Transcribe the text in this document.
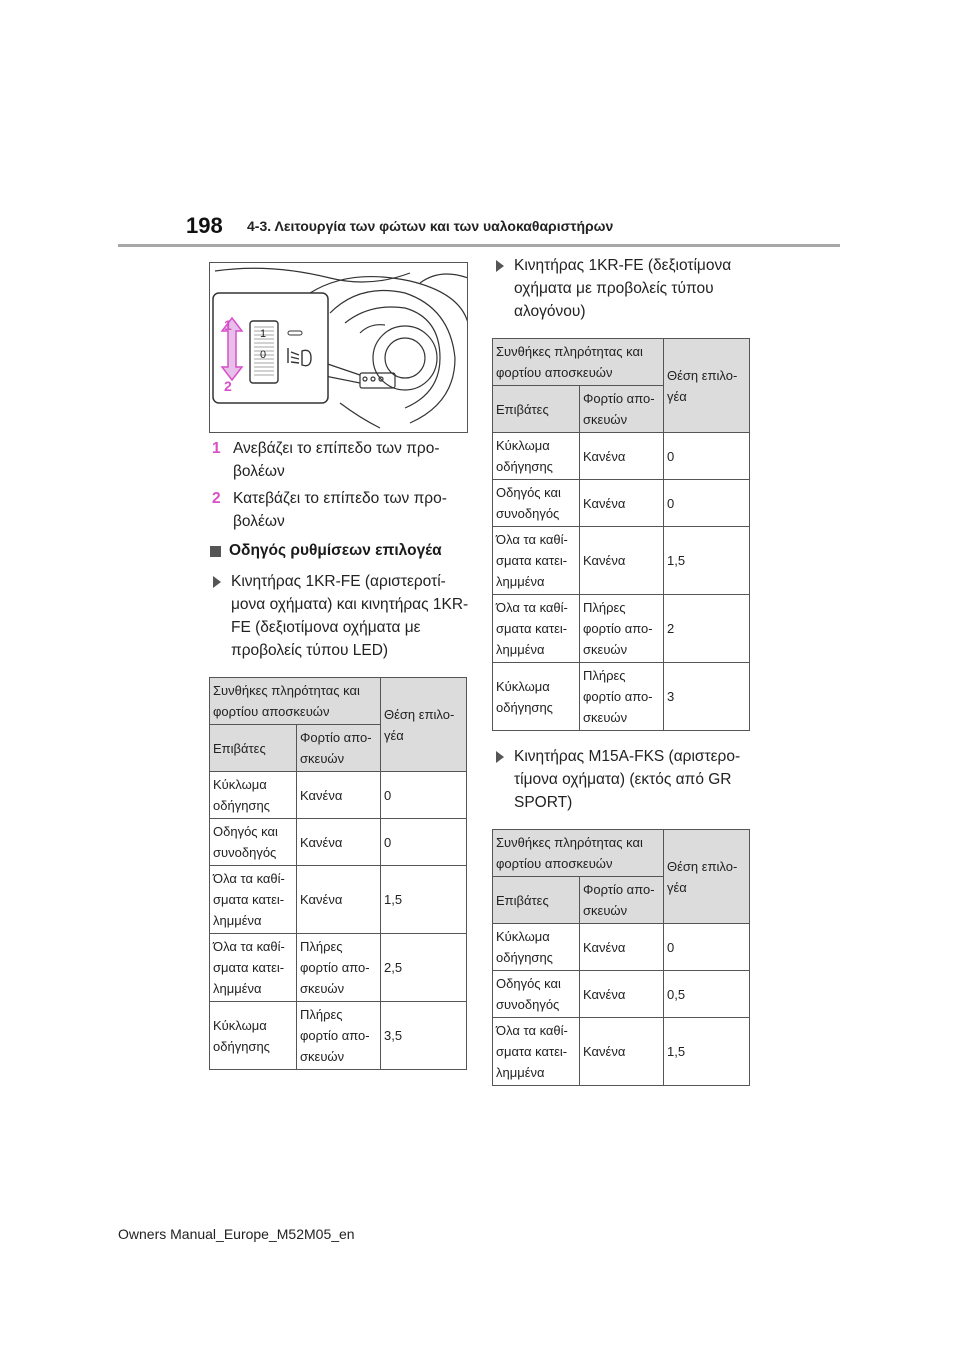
198 4-3. Λειτουργία των φώτων και των υαλοκαθαριστήρων
1
0
1
2
1 Ανεβάζει το επίπεδο των προ-βολέων
2 Κατεβάζει το επίπεδο των προ-βολέων
Οδηγός ρυθμίσεων επιλογέα
Κινητήρας 1KR-FE (αριστεροτί-μονα οχήματα) και κινητήρας 1KR-FE (δεξιοτίμονα οχήματα με προβολείς τύπου LED)
Συνθήκες πληρότητας και φορτίου αποσκευών		Θέση επιλο-γέα
Επιβάτες	Φορτίο απο-σκευών	
Κύκλωμα οδήγησης	Κανένα	0
Οδηγός και συνοδηγός	Κανένα	0
Όλα τα καθί-σματα κατει-λημμένα	Κανένα	1,5
Όλα τα καθί-σματα κατει-λημμένα	Πλήρες φορτίο απο-σκευών	2,5
Κύκλωμα οδήγησης	Πλήρες φορτίο απο-σκευών	3,5
Κινητήρας 1KR-FE (δεξιοτίμονα οχήματα με προβολείς τύπου αλογόνου)
Συνθήκες πληρότητας και φορτίου αποσκευών		Θέση επιλο-γέα
Επιβάτες	Φορτίο απο-σκευών	
Κύκλωμα οδήγησης	Κανένα	0
Οδηγός και συνοδηγός	Κανένα	0
Όλα τα καθί-σματα κατει-λημμένα	Κανένα	1,5
Όλα τα καθί-σματα κατει-λημμένα	Πλήρες φορτίο απο-σκευών	2
Κύκλωμα οδήγησης	Πλήρες φορτίο απο-σκευών	3
Κινητήρας M15A-FKS (αριστερο-τίμονα οχήματα) (εκτός από GR SPORT)
Συνθήκες πληρότητας και φορτίου αποσκευών		Θέση επιλο-γέα
Επιβάτες	Φορτίο απο-σκευών	
Κύκλωμα οδήγησης	Κανένα	0
Οδηγός και συνοδηγός	Κανένα	0,5
Όλα τα καθί-σματα κατει-λημμένα	Κανένα	1,5
Owners Manual_Europe_M52M05_en
